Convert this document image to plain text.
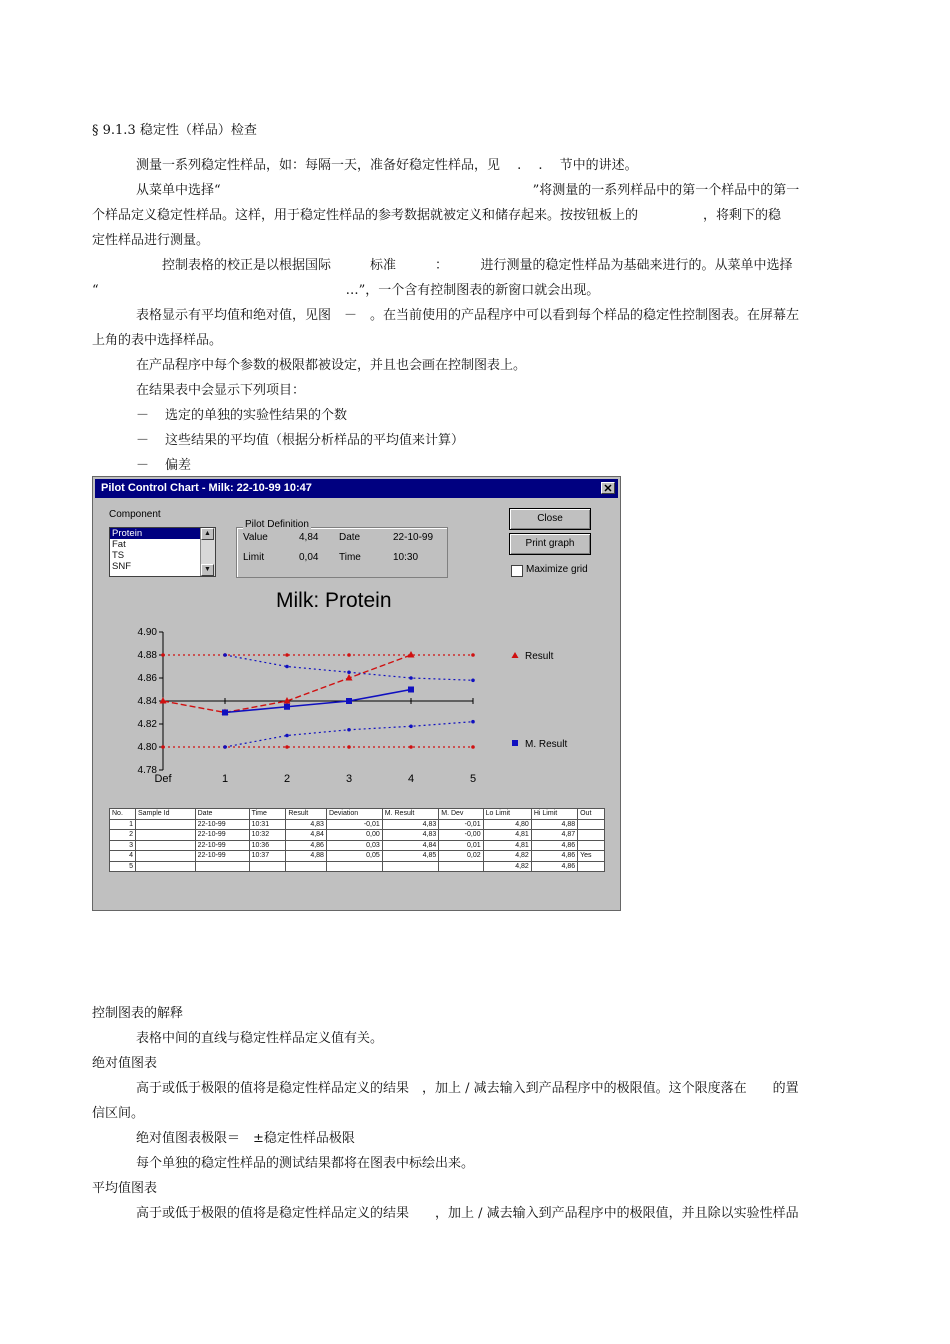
§ 9.1.3 稳定性（样品）检查
测量一系列稳定性样品，如：每隔一天，准备好稳定性样品，见　 .　 .　 节中的讲述。
从菜单中选择“　　　　　　　　　　　　　　　　　　　　　　　　”将测量的一系列样品中的第一个样品中的第一
个样品定义稳定性样品。这样，用于稳定性样品的参考数据就被定义和储存起来。按按钮板上的　　　　　，将剩下的稳
定性样品进行测量。
　　控制表格的校正是以根据国际　　　标准　　　：　　　进行测量的稳定性样品为基础来进行的。从菜单中选择
“　　　　　　　　　　　　　　　　　　　…”，一个含有控制图表的新窗口就会出现。
表格显示有平均值和绝对值，见图　－　。在当前使用的产品程序中可以看到每个样品的稳定性控制图表。在屏幕左
上角的表中选择样品。
在产品程序中每个参数的极限都被设定，并且也会画在控制图表上。
在结果表中会显示下列项目：
－ 选定的单独的实验性结果的个数
－ 这些结果的平均值（根据分析样品的平均值来计算）
－ 偏差
控制图表的解释
表格中间的直线与稳定性样品定义值有关。
绝对值图表
高于或低于极限的值将是稳定性样品定义的结果　，加上 / 减去输入到产品程序中的极限值。这个限度落在　　的置
信区间。
绝对值图表极限＝　±稳定性样品极限
每个单独的稳定性样品的测试结果都将在图表中标绘出来。
平均值图表
高于或低于极限的值将是稳定性样品定义的结果　　，加上 / 减去输入到产品程序中的极限值，并且除以实验性样品
Pilot Control Chart - Milk: 22-10-99 10:47	✕
Component
Protein
Fat
TS
SNF
▲
▼
Pilot Definition
Value	4,84 Date	22-10-99
Limit	0,04 Time	10:30
Close
Print graph
Maximize grid
Milk: Protein
4.90
4.88
4.86
4.84
4.82
4.80
4.78
Def	1	2	3	4	5
Result
M. Result
No.	Sample Id	Date	Time	Result	Deviation	M. Result	M. Dev	Lo Limit	Hi Limit	Out
1		22-10-99	10:31	4,83	-0,01	4,83	-0,01	4,80	4,88	
2		22-10-99	10:32	4,84	0,00	4,83	-0,00	4,81	4,87	
3		22-10-99	10:36	4,86	0,03	4,84	0,01	4,81	4,86	
4		22-10-99	10:37	4,88	0,05	4,85	0,02	4,82	4,86	Yes
5								4,82	4,86	
